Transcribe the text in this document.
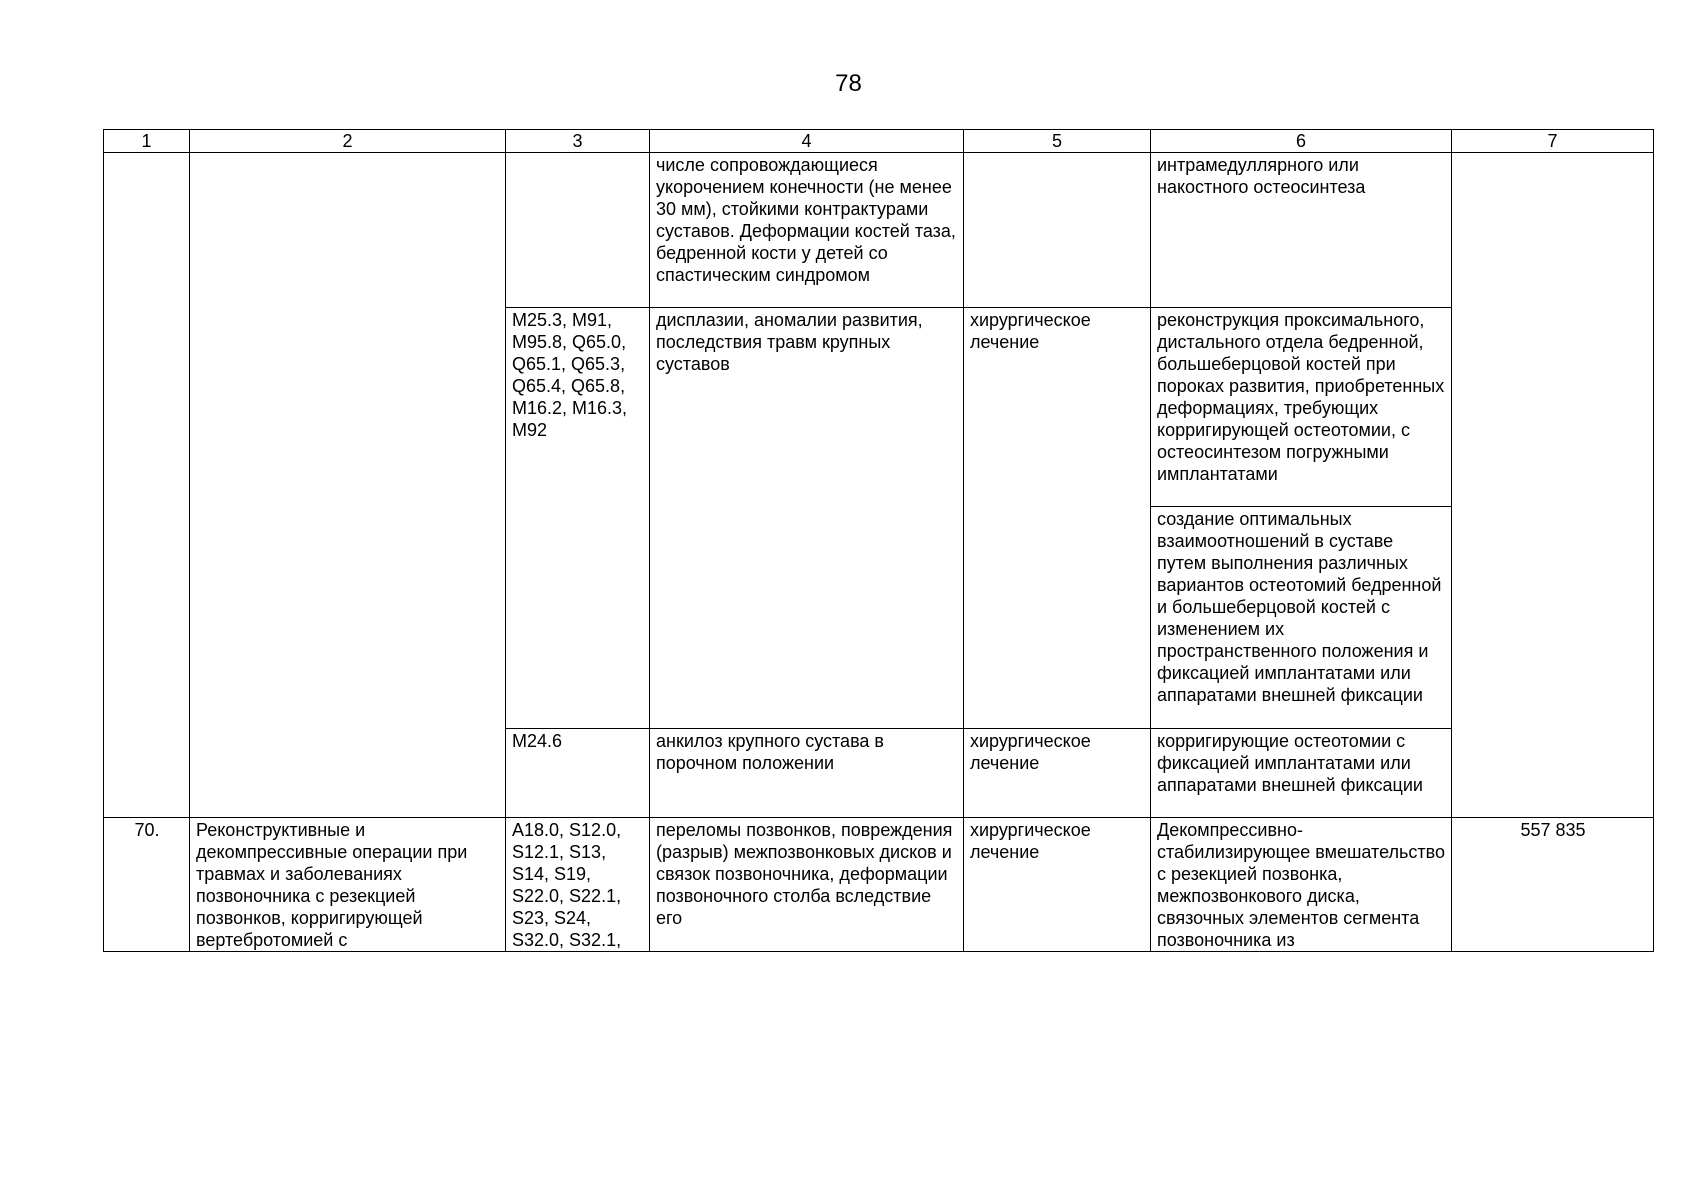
78
1	2	3	4	5	6	7
			числе сопровождающиеся укорочением конечности (не менее 30 мм), стойкими контрактурами суставов. Деформации костей таза, бедренной кости у детей со спастическим синдромом		интрамедуллярного или накостного остеосинтеза	
		M25.3, M91, M95.8, Q65.0, Q65.1, Q65.3, Q65.4, Q65.8, M16.2, M16.3, M92	дисплазии, аномалии развития, последствия травм крупных суставов	хирургическое лечение	реконструкция проксимального, дистального отдела бедренной, большеберцовой костей при пороках развития, приобретенных деформациях, требующих корригирующей остеотомии, с остеосинтезом погружными имплантатами	
					создание оптимальных взаимоотношений в суставе путем выполнения различных вариантов остеотомий бедренной и большеберцовой костей с изменением их пространственного положения и фиксацией имплантатами или аппаратами внешней фиксации	
		M24.6	анкилоз крупного сустава в порочном положении	хирургическое лечение	корригирующие остеотомии с фиксацией имплантатами или аппаратами внешней фиксации	
70.	Реконструктивные и декомпрессивные операции при травмах и заболеваниях позвоночника с резекцией позвонков, корригирующей вертебротомией с	A18.0, S12.0, S12.1, S13, S14, S19, S22.0, S22.1, S23, S24, S32.0, S32.1,	переломы позвонков, повреждения (разрыв) межпозвонковых дисков и связок позвоночника, деформации позвоночного столба вследствие его	хирургическое лечение	Декомпрессивно-стабилизирующее вмешательство с резекцией позвонка, межпозвонкового диска, связочных элементов сегмента позвоночника из	557 835
